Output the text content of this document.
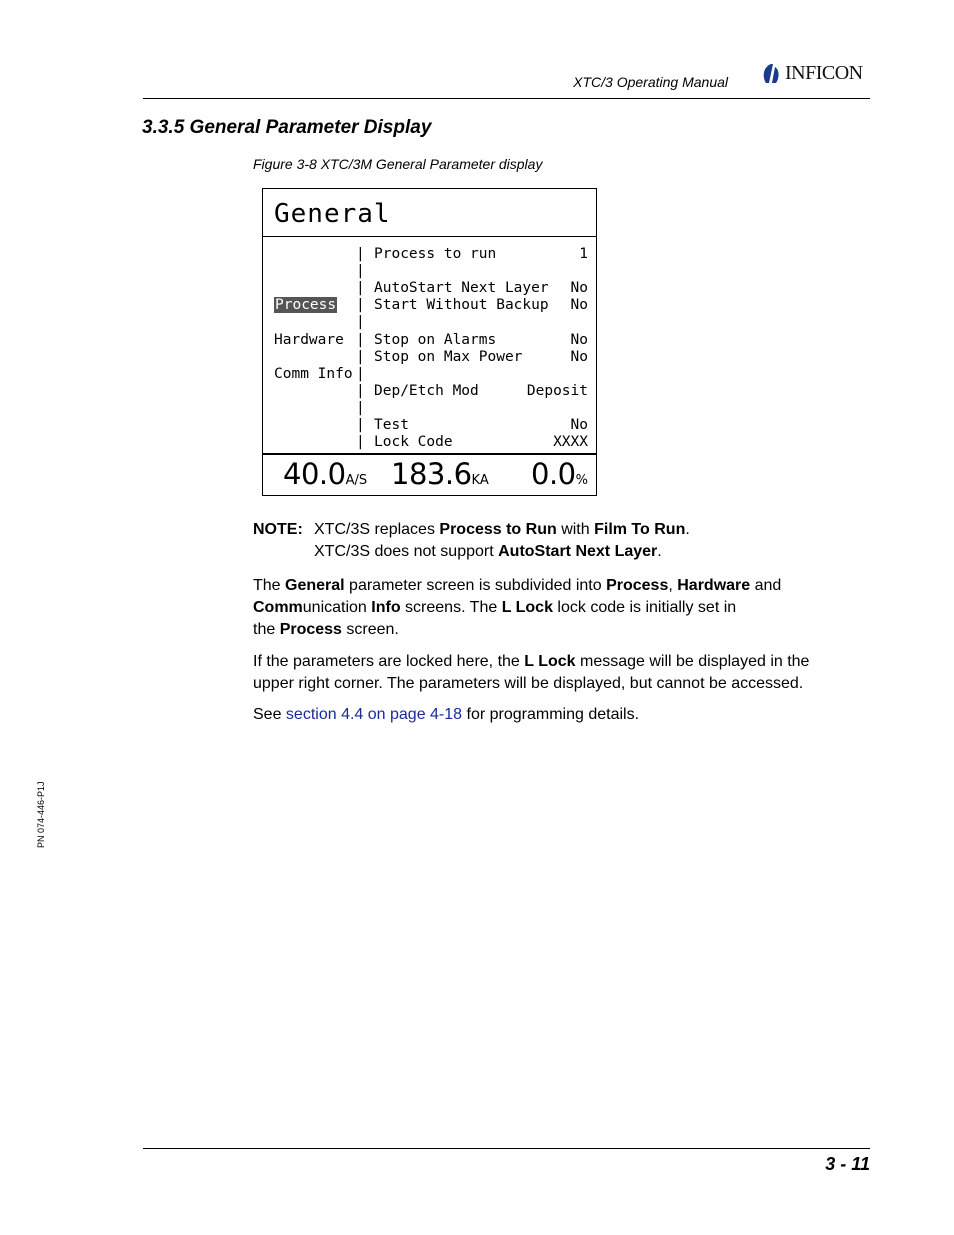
XTC/3 Operating Manual	INFICON
3.3.5 General Parameter Display
Figure 3-8 XTC/3M General Parameter display
General
Process
Hardware
Comm Info
|
|
|
|
|
|
|
|
|
|
|
|
Process to run	1
AutoStart Next Layer No
Start Without Backup No
Stop on Alarms	No
Stop on Max Power	No
Dep/Etch Mod	Deposit
Test	No
Lock Code	XXXX
40.0A/S 183.6KA 0.0%
NOTE: XTC/3S replaces Process to Run with Film To Run.
XTC/3S does not support AutoStart Next Layer.
The General parameter screen is subdivided into Process, Hardware and
Communication Info screens. The L Lock lock code is initially set in
the Process screen.
If the parameters are locked here, the L Lock message will be displayed in the upper right corner. The parameters will be displayed, but cannot be accessed.
See section 4.4 on page 4-18 for programming details.
PN 074-446-P1J
3 - 11
